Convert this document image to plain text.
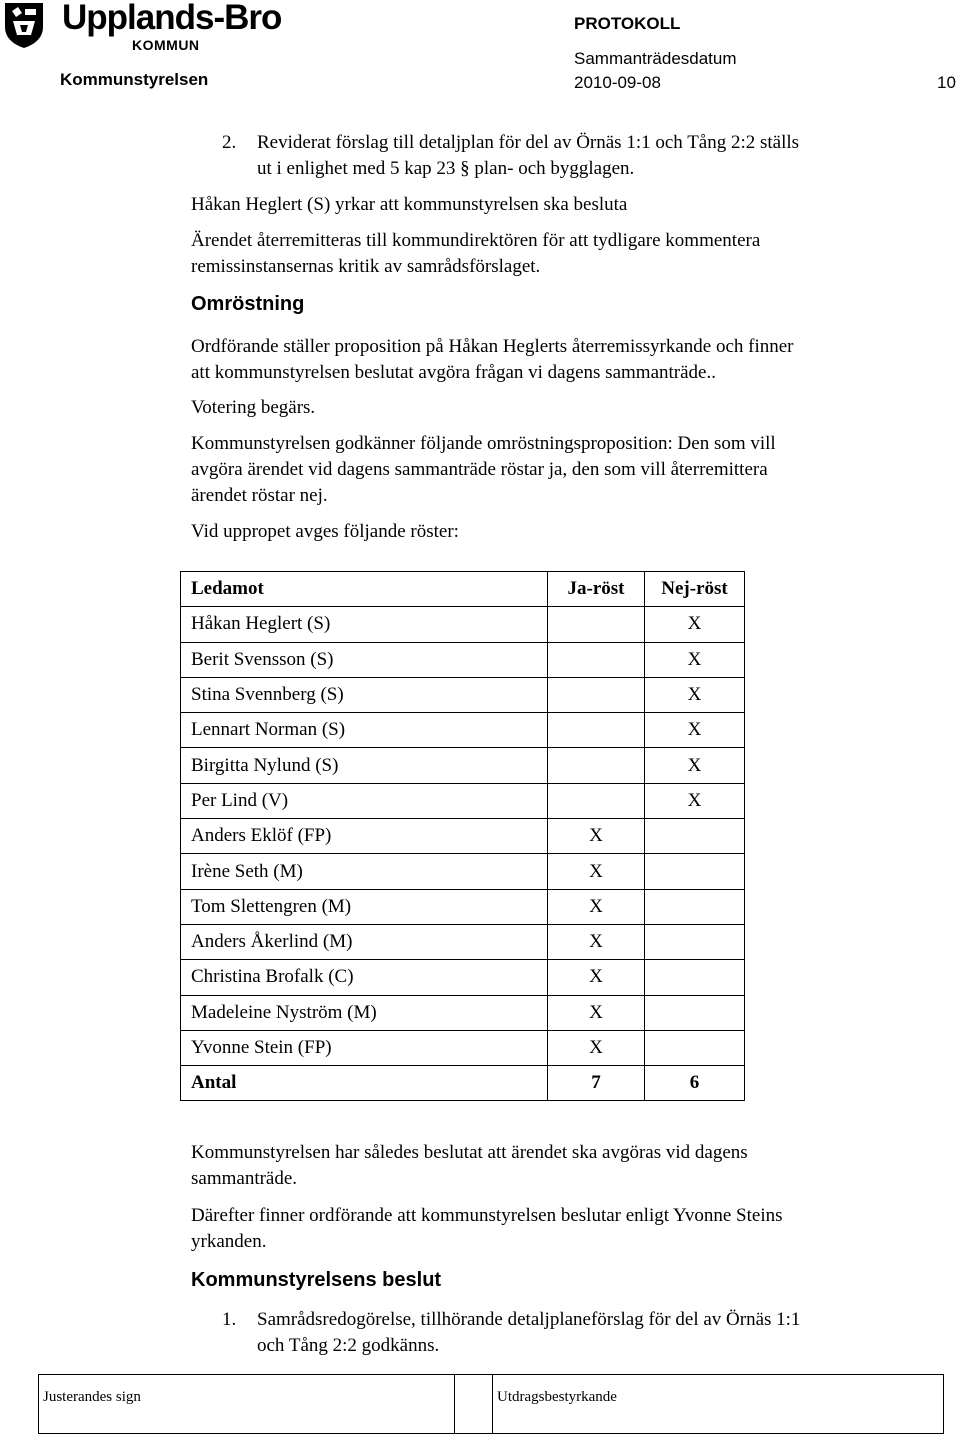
Upplands-Bro
KOMMUN
Kommunstyrelsen
PROTOKOLL
Sammanträdesdatum
2010-09-08	10
2. Reviderat förslag till detaljplan för del av Örnäs 1:1 och Tång 2:2 ställs
ut i enlighet med 5 kap 23 § plan- och bygglagen.
Håkan Heglert (S) yrkar att kommunstyrelsen ska besluta
Ärendet återremitteras till kommundirektören för att tydligare kommentera
remissinstansernas kritik av samrådsförslaget.
Omröstning
Ordförande ställer proposition på Håkan Heglerts återremissyrkande och finner
att kommunstyrelsen beslutat avgöra frågan vi dagens sammanträde..
Votering begärs.
Kommunstyrelsen godkänner följande omröstningsproposition: Den som vill
avgöra ärendet vid dagens sammanträde röstar ja, den som vill återremittera
ärendet röstar nej.
Vid uppropet avges följande röster:
Ledamot	Ja-röst	Nej-röst
Håkan Heglert (S)		X
Berit Svensson (S)		X
Stina Svennberg (S)		X
Lennart Norman (S)		X
Birgitta Nylund (S)		X
Per Lind (V)		X
Anders Eklöf (FP)	X	
Irène Seth (M)	X	
Tom Slettengren (M)	X	
Anders Åkerlind (M)	X	
Christina Brofalk (C)	X	
Madeleine Nyström (M)	X	
Yvonne Stein (FP)	X	
Antal	7	6
Kommunstyrelsen har således beslutat att ärendet ska avgöras vid dagens
sammanträde.
Därefter finner ordförande att kommunstyrelsen beslutar enligt Yvonne Steins
yrkanden.
Kommunstyrelsens beslut
1. Samrådsredogörelse, tillhörande detaljplaneförslag för del av Örnäs 1:1
och Tång 2:2 godkänns.
Justerandes sign	Utdragsbestyrkande
